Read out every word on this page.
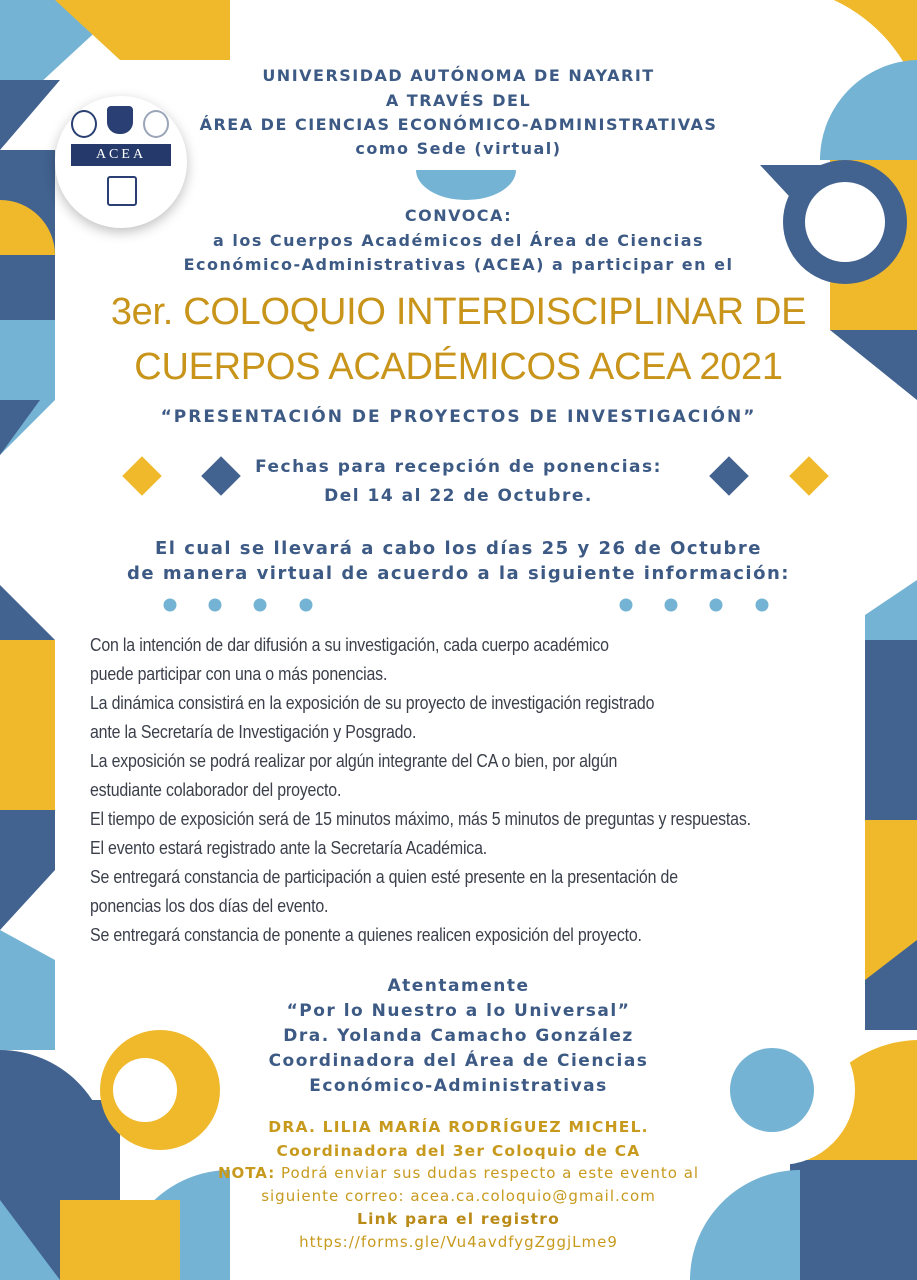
ACEA

UNIVERSIDAD AUTÓNOMA DE NAYARIT

A TRAVÉS DEL

ÁREA DE CIENCIAS ECONÓMICO-ADMINISTRATIVAS

como Sede (virtual)

CONVOCA:

a los Cuerpos Académicos del Área de Ciencias

Económico-Administrativas (ACEA) a participar en el

3er. COLOQUIO INTERDISCIPLINAR DE

CUERPOS ACADÉMICOS ACEA 2021

“PRESENTACIÓN DE PROYECTOS DE INVESTIGACIÓN”

Fechas para recepción de ponencias:

Del 14 al 22 de Octubre.

El cual se llevará a cabo los días 25 y 26 de Octubre

de manera virtual de acuerdo a la siguiente información:

Con la intención de dar difusión a su investigación, cada cuerpo académico

puede participar con una o más ponencias.

La dinámica consistirá en la exposición de su proyecto de investigación registrado

ante la Secretaría de Investigación y Posgrado.

La exposición se podrá realizar por algún integrante del CA o bien, por algún

estudiante colaborador del proyecto.

El tiempo de exposición será de 15 minutos máximo, más 5 minutos de preguntas y respuestas.

El evento estará registrado ante la Secretaría Académica.

Se entregará constancia de participación a quien esté presente en la presentación de

ponencias los dos días del evento.

Se entregará constancia de ponente a quienes realicen exposición del proyecto.

Atentamente

“Por lo Nuestro a lo Universal”

Dra. Yolanda Camacho González

Coordinadora del Área de Ciencias

Económico-Administrativas

DRA. LILIA MARÍA RODRÍGUEZ MICHEL.

Coordinadora del 3er Coloquio de CA

NOTA: Podrá enviar sus dudas respecto a este evento al

siguiente correo: acea.ca.coloquio@gmail.com

Link para el registro

https://forms.gle/Vu4avdfygZggjLme9
